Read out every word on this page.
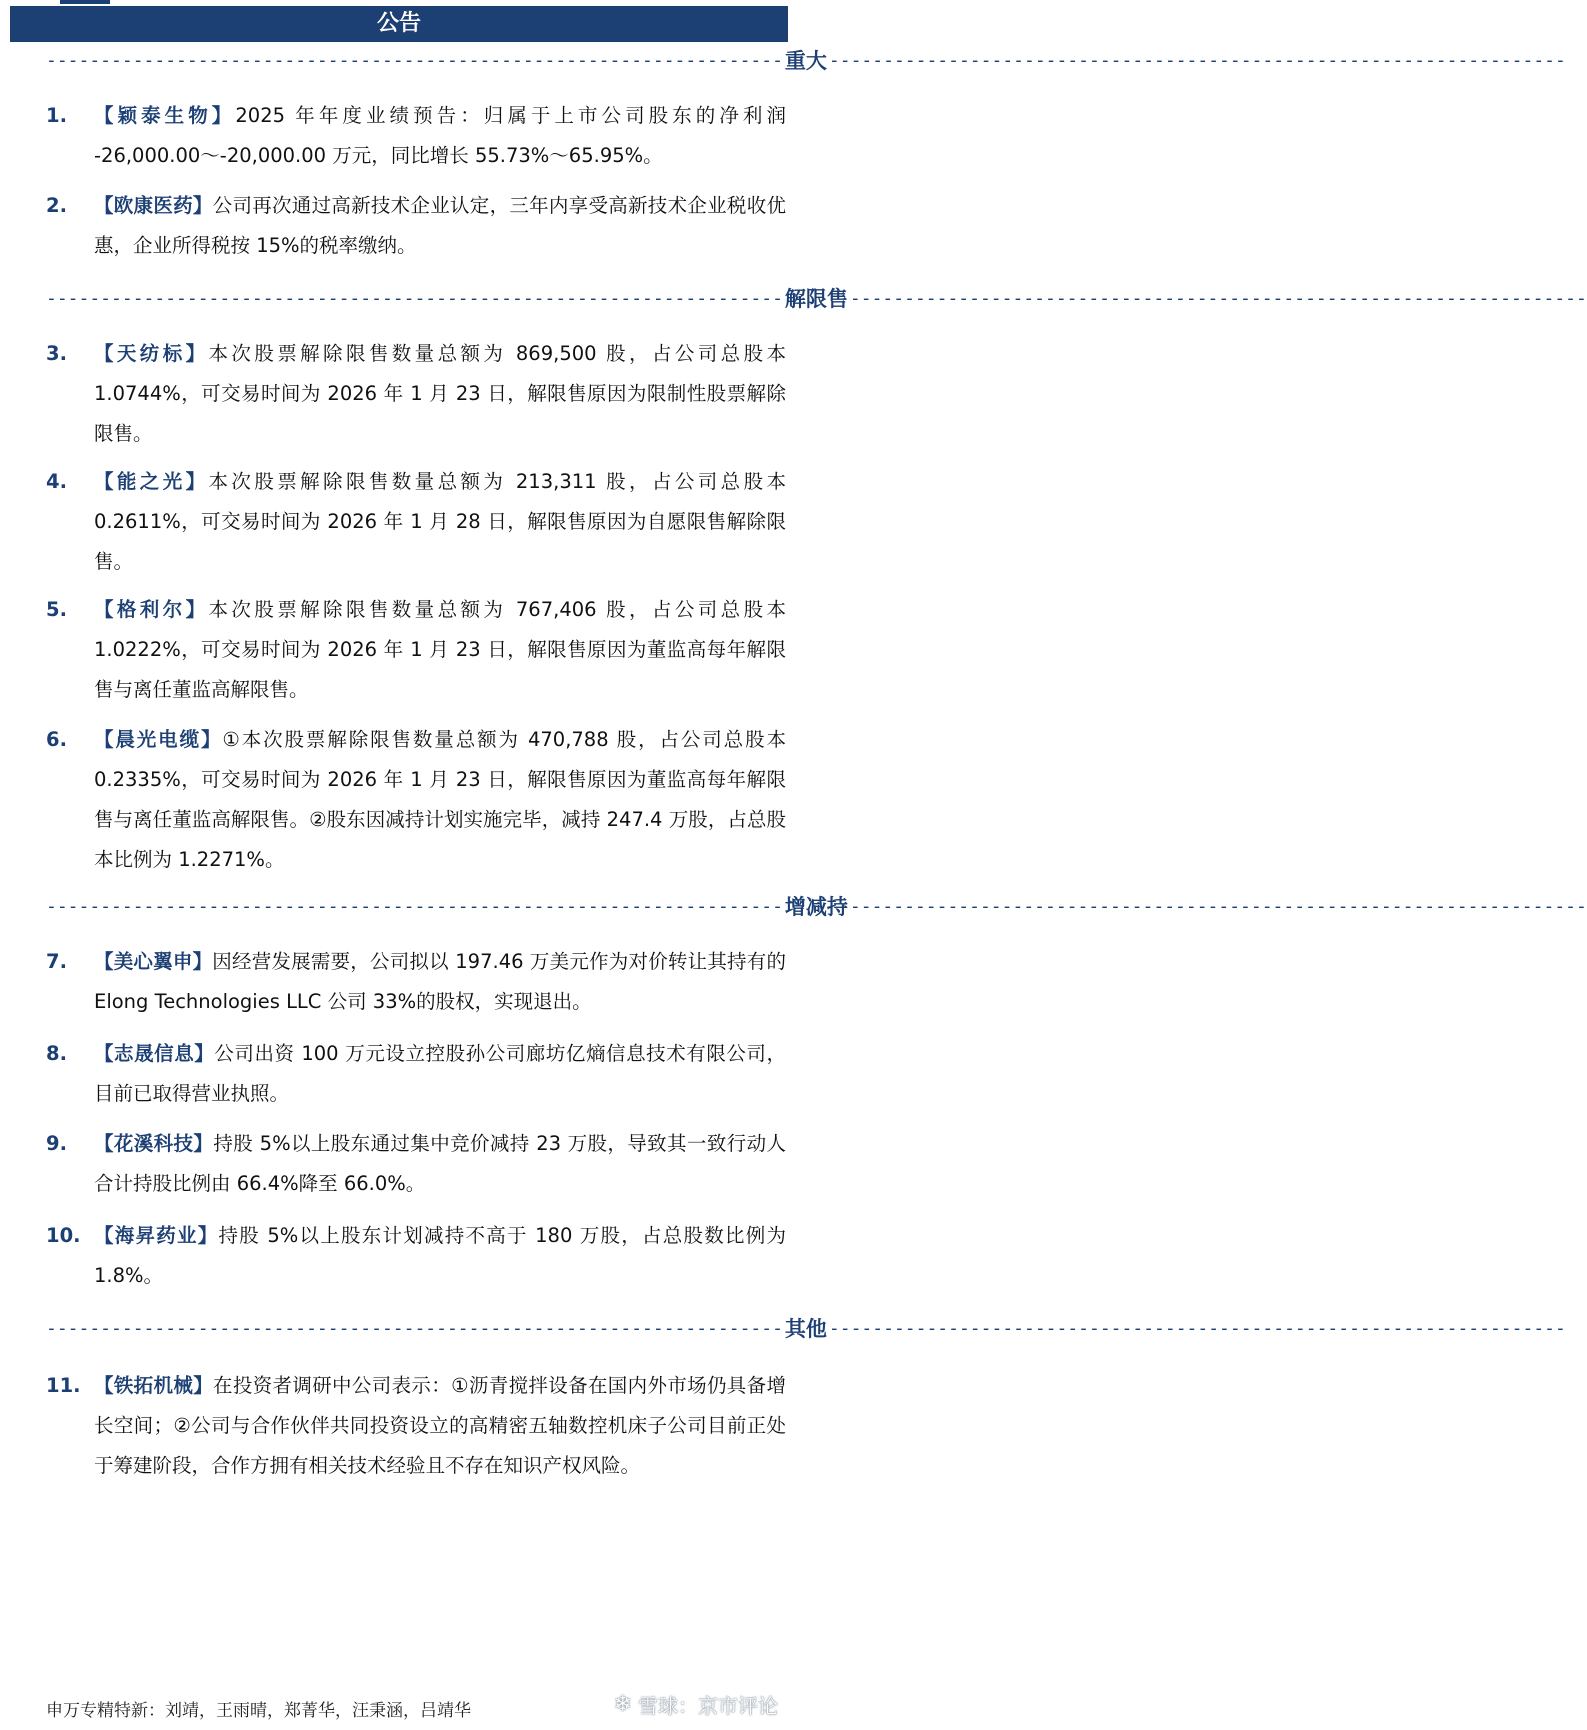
公告
-------------------------------------------------------------------- 重大 --------------------------------------------------------------------
1. 【颖泰生物】2025 年年度业绩预告：归属于上市公司股东的净利润 -26,000.00～-20,000.00 万元，同比增长 55.73%～65.95%。
2. 【欧康医药】公司再次通过高新技术企业认定，三年内享受高新技术企业税收优惠，企业所得税按 15%的税率缴纳。
-------------------------------------------------------------------- 解限售 --------------------------------------------------------------------
3. 【天纺标】本次股票解除限售数量总额为 869,500 股，占公司总股本 1.0744%，可交易时间为 2026 年 1 月 23 日，解限售原因为限制性股票解除限售。
4. 【能之光】本次股票解除限售数量总额为 213,311 股，占公司总股本 0.2611%，可交易时间为 2026 年 1 月 28 日，解限售原因为自愿限售解除限售。
5. 【格利尔】本次股票解除限售数量总额为 767,406 股，占公司总股本 1.0222%，可交易时间为 2026 年 1 月 23 日，解限售原因为董监高每年解限售与离任董监高解限售。
6. 【晨光电缆】①本次股票解除限售数量总额为 470,788 股，占公司总股本 0.2335%，可交易时间为 2026 年 1 月 23 日，解限售原因为董监高每年解限售与离任董监高解限售。②股东因减持计划实施完毕，减持 247.4 万股，占总股本比例为 1.2271%。
-------------------------------------------------------------------- 增减持 --------------------------------------------------------------------
7. 【美心翼申】因经营发展需要，公司拟以 197.46 万美元作为对价转让其持有的 Elong Technologies LLC 公司 33%的股权，实现退出。
8. 【志晟信息】公司出资 100 万元设立控股孙公司廊坊亿熵信息技术有限公司，目前已取得营业执照。
9. 【花溪科技】持股 5%以上股东通过集中竞价减持 23 万股，导致其一致行动人合计持股比例由 66.4%降至 66.0%。
10. 【海昇药业】持股 5%以上股东计划减持不高于 180 万股，占总股数比例为 1.8%。
-------------------------------------------------------------------- 其他 --------------------------------------------------------------------
11. 【铁拓机械】在投资者调研中公司表示：①沥青搅拌设备在国内外市场仍具备增长空间；②公司与合作伙伴共同投资设立的高精密五轴数控机床子公司目前正处于筹建阶段，合作方拥有相关技术经验且不存在知识产权风险。
申万专精特新：刘靖，王雨晴，郑菁华，汪秉涵，吕靖华	❄ 雪球：京市评论
